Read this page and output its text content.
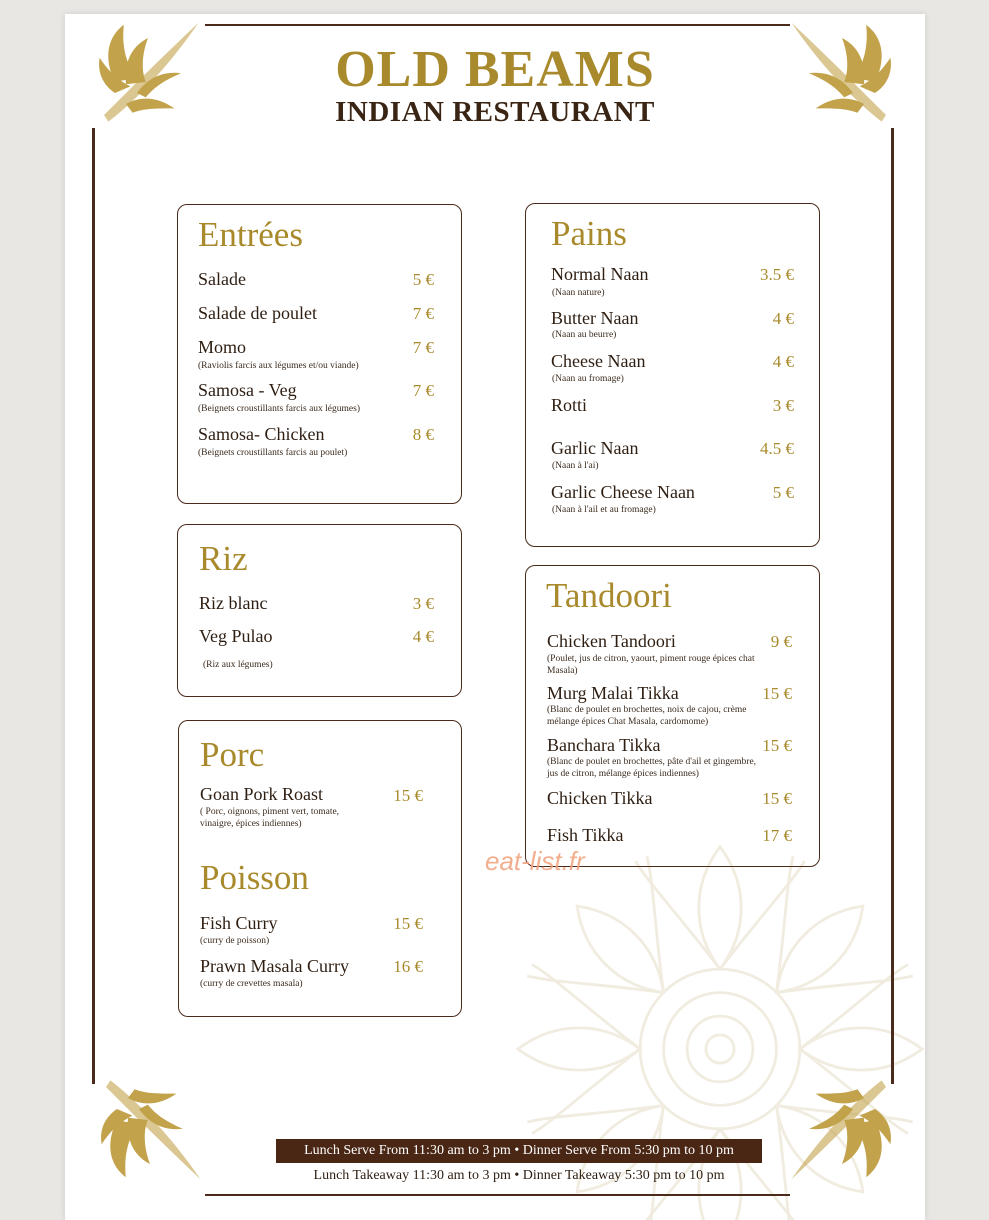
OLD BEAMS
INDIAN RESTAURANT
Entrées
Salade	5 €
Salade de poulet	7 €
Momo	7 €
(Raviolis farcis aux légumes et/ou viande)
Samosa - Veg	7 €
(Beignets croustillants farcis aux légumes)
Samosa- Chicken	8 €
(Beignets croustillants farcis au poulet)
Riz
Riz blanc	3 €
Veg Pulao	4 €
(Riz aux légumes)
Porc
Goan Pork Roast	15 €
( Porc, oignons, piment vert, tomate, vinaigre, épices indiennes)
Poisson
Fish Curry	15 €
(curry de poisson)
Prawn Masala Curry	16 €
(curry de crevettes masala)
Pains
Normal Naan	3.5 €
(Naan nature)
Butter Naan	4 €
(Naan au beurre)
Cheese Naan	4 €
(Naan au fromage)
Rotti	3 €
Garlic Naan	4.5 €
(Naan à l'ai)
Garlic Cheese Naan	5 €
(Naan à l'ail et au fromage)
Tandoori
Chicken Tandoori	9 €
(Poulet, jus de citron, yaourt, piment rouge épices chat Masala)
Murg Malai Tikka	15 €
(Blanc de poulet en brochettes, noix de cajou, crème mélange épices Chat Masala, cardomome)
Banchara Tikka	15 €
(Blanc de poulet en brochettes, pâte d'ail et gingembre, jus de citron, mélange épices indiennes)
Chicken Tikka	15 €
Fish Tikka	17 €
eat-list.fr
Lunch Serve From 11:30 am to 3 pm • Dinner Serve From 5:30 pm to 10 pm
Lunch Takeaway 11:30 am to 3 pm • Dinner Takeaway 5:30 pm to 10 pm
